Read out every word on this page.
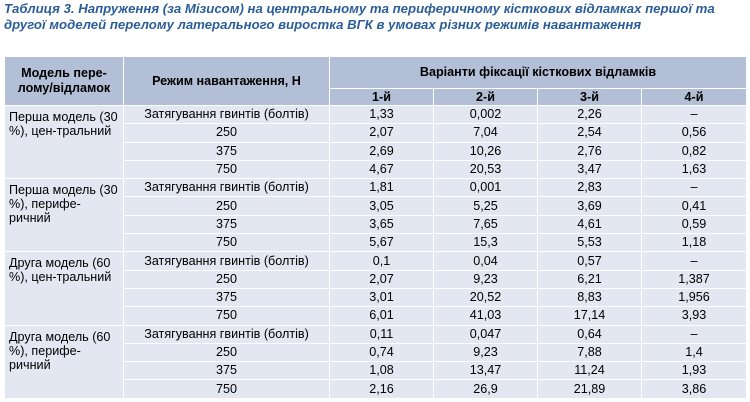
Таблиця 3. Напруження (за Мізисом) на центральному та периферичному кісткових відламках першої та другої моделей перелому латерального виростка ВГК в умовах різних режимів навантаження
Модель пере-лому/відламок	Режим навантаження, Н	Варіанти фіксації кісткових відламків			
		1-й	2-й	3-й	4-й
Перша модель (30 %), цен-тральний	Затягування гвинтів (болтів)	1,33	0,002	2,26	–
	250	2,07	7,04	2,54	0,56
	375	2,69	10,26	2,76	0,82
	750	4,67	20,53	3,47	1,63
Перша модель (30 %), перифе-ричний	Затягування гвинтів (болтів)	1,81	0,001	2,83	–
	250	3,05	5,25	3,69	0,41
	375	3,65	7,65	4,61	0,59
	750	5,67	15,3	5,53	1,18
Друга модель (60 %), цен-тральний	Затягування гвинтів (болтів)	0,1	0,04	0,57	–
	250	2,07	9,23	6,21	1,387
	375	3,01	20,52	8,83	1,956
	750	6,01	41,03	17,14	3,93
Друга модель (60 %), перифе-ричний	Затягування гвинтів (болтів)	0,11	0,047	0,64	–
	250	0,74	9,23	7,88	1,4
	375	1,08	13,47	11,24	1,93
	750	2,16	26,9	21,89	3,86
